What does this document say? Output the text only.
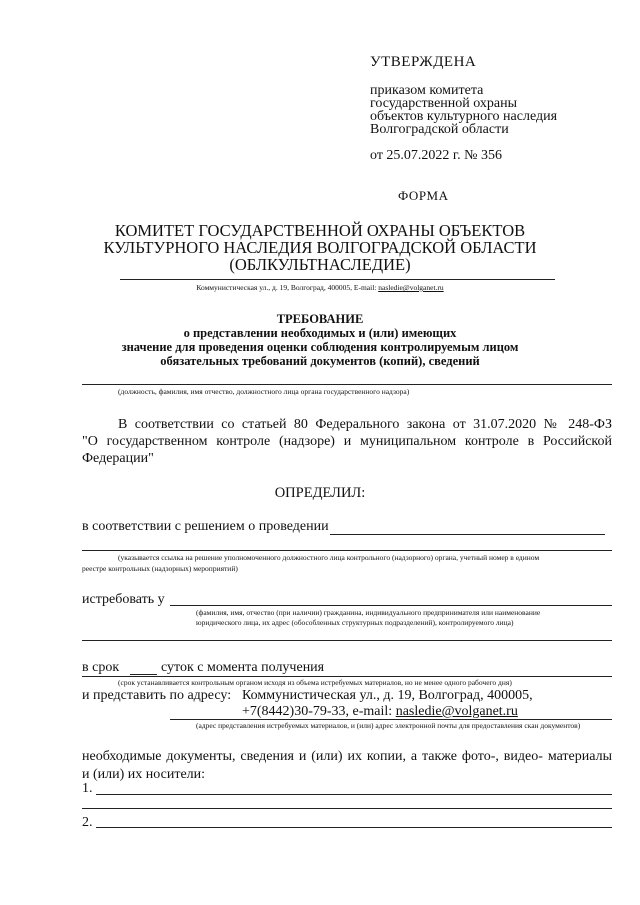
УТВЕРЖДЕНА
приказом комитета
государственной охраны
объектов культурного наследия
Волгоградской области
от 25.07.2022 г. № 356
ФОРМА
КОМИТЕТ ГОСУДАРСТВЕННОЙ ОХРАНЫ ОБЪЕКТОВ
КУЛЬТУРНОГО НАСЛЕДИЯ ВОЛГОГРАДСКОЙ ОБЛАСТИ
(ОБЛКУЛЬТНАСЛЕДИЕ)
Коммунистическая ул., д. 19, Волгоград, 400005, E-mail: nasledie@volganet.ru
ТРЕБОВАНИЕ
о представлении необходимых и (или) имеющих
значение для проведения оценки соблюдения контролируемым лицом
обязательных требований документов (копий), сведений
(должность, фамилия, имя отчество, должностного лица органа государственного надзора)
В соответствии со статьей 80 Федерального закона от 31.07.2020 № 248-ФЗ
"О государственном контроле (надзоре) и муниципальном контроле в Российской
Федерации"
ОПРЕДЕЛИЛ:
в соответствии с решением о проведении
(указывается ссылка на решение уполномоченного должностного лица контрольного (надзорного) органа, учетный номер в едином
реестре контрольных (надзорных) мероприятий)
истребовать у
(фамилия, имя, отчество (при наличии) гражданина, индивидуального предпринимателя или наименование
юридического лица, их адрес (обособленных структурных подразделений), контролируемого лица)
в срок	суток с момента получения
(срок устанавливается контрольным органом исходя из объема истребуемых материалов, но не менее одного рабочего дня)
и представить по адресу: Коммунистическая ул., д. 19, Волгоград, 400005,
+7(8442)30-79-33, e-mail: nasledie@volganet.ru
(адрес представления истребуемых материалов, и (или) адрес электронной почты для предоставления скан документов)
необходимые документы, сведения и (или) их копии, а также фото-, видео- материалы
и (или) их носители:
1.
2.
